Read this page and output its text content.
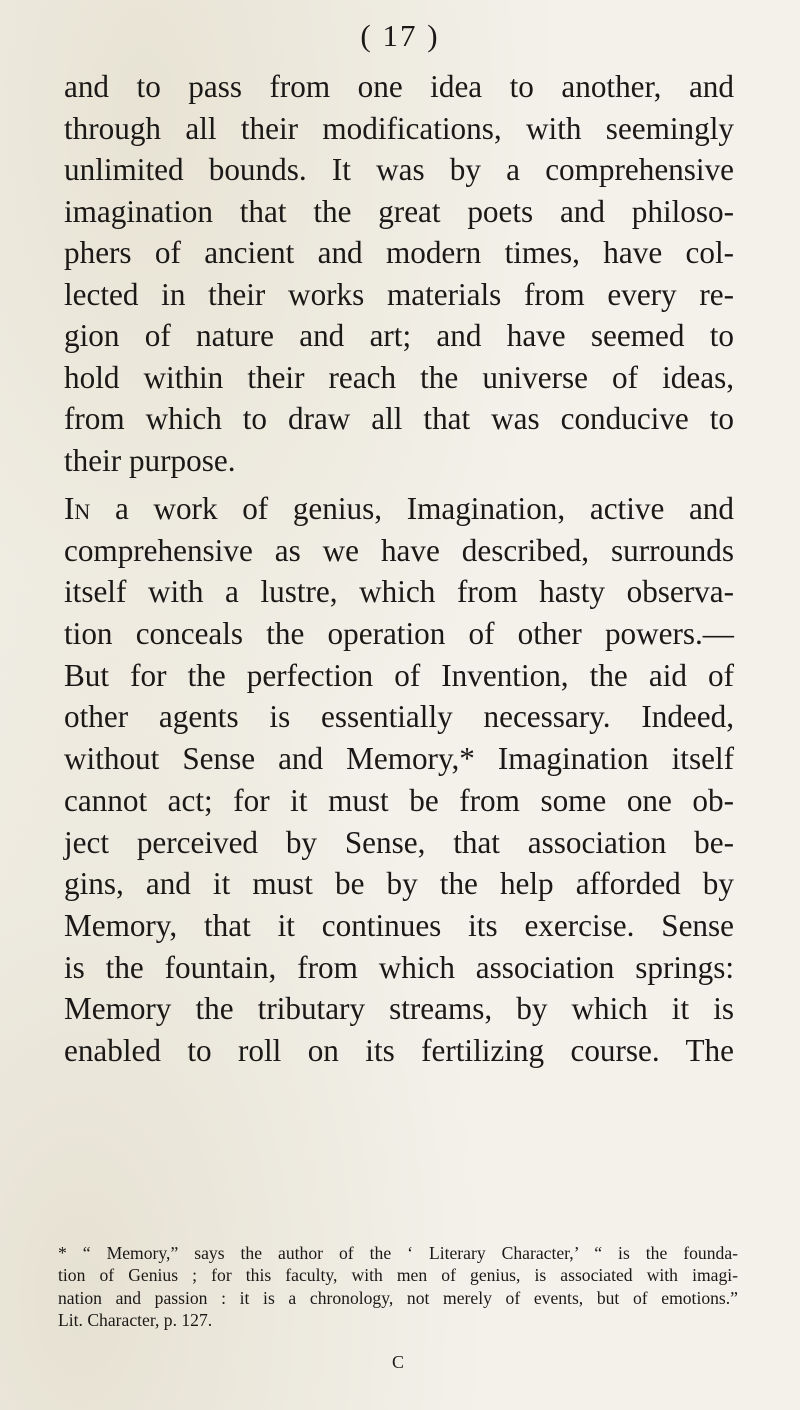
( 17 )
and to pass from one idea to another, and
through all their modifications, with seemingly
unlimited bounds. It was by a comprehensive
imagination that the great poets and philoso-
phers of ancient and modern times, have col-
lected in their works materials from every re-
gion of nature and art; and have seemed to
hold within their reach the universe of ideas,
from which to draw all that was conducive to
their purpose.
In a work of genius, Imagination, active and
comprehensive as we have described, surrounds
itself with a lustre, which from hasty observa-
tion conceals the operation of other powers.—
But for the perfection of Invention, the aid of
other agents is essentially necessary. Indeed,
without Sense and Memory,* Imagination itself
cannot act; for it must be from some one ob-
ject perceived by Sense, that association be-
gins, and it must be by the help afforded by
Memory, that it continues its exercise. Sense
is the fountain, from which association springs:
Memory the tributary streams, by which it is
enabled to roll on its fertilizing course. The
* “ Memory,” says the author of the ‘ Literary Character,’ “ is the founda-
tion of Genius ; for this faculty, with men of genius, is associated with imagi-
nation and passion : it is a chronology, not merely of events, but of emotions.”
Lit. Character, p. 127.
C
